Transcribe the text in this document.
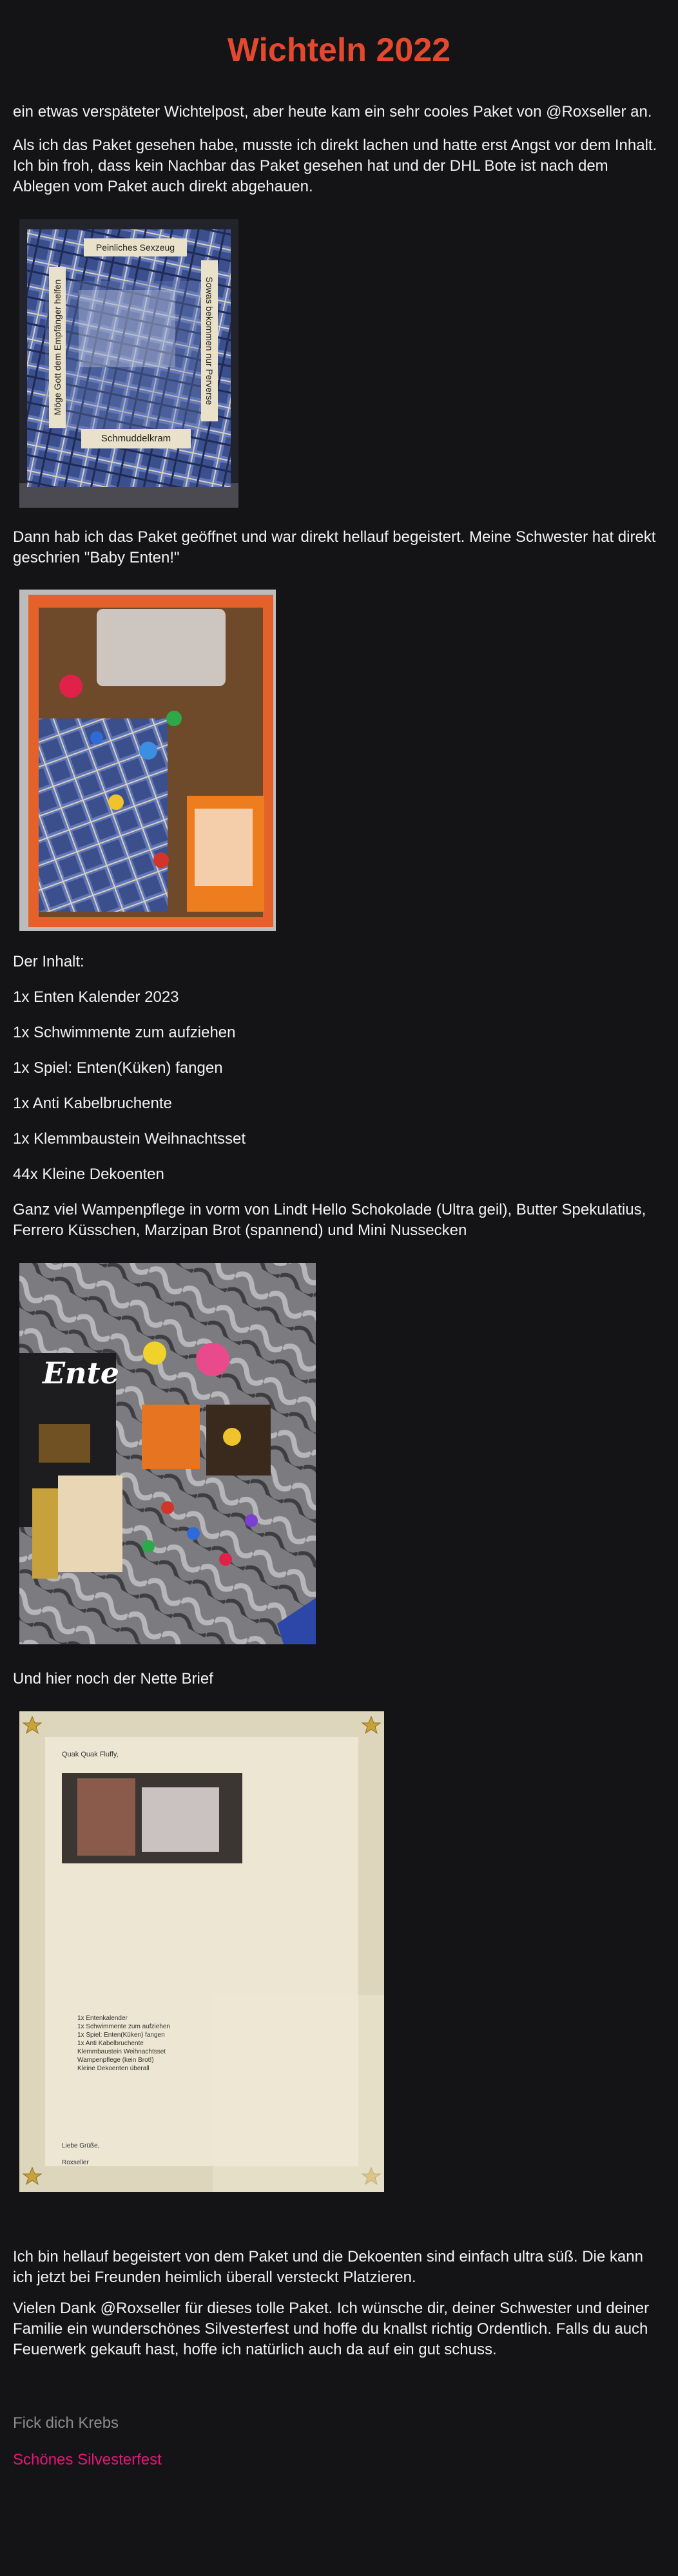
Wichteln 2022

ein etwas verspäteter Wichtelpost, aber heute kam ein sehr cooles Paket von @Roxseller an.

Als ich das Paket gesehen habe, musste ich direkt lachen und hatte erst Angst vor dem Inhalt. Ich bin froh, dass kein Nachbar das Paket gesehen hat und der DHL Bote ist nach dem Ablegen vom Paket auch direkt abgehauen.

Peinliches Sexzeug
Schmuddelkram
Möge Gott dem Empfänger helfen	Sowas bekommen nur Perverse

Dann hab ich das Paket geöffnet und war direkt hellauf begeistert. Meine Schwester hat direkt geschrien "Baby Enten!"

Der Inhalt:

1x Enten Kalender 2023

1x Schwimmente zum aufziehen

1x Spiel: Enten(Küken) fangen

1x Anti Kabelbruchente

1x Klemmbaustein Weihnachtsset

44x Kleine Dekoenten

Ganz viel Wampenpflege in vorm von Lindt Hello Schokolade (Ultra geil), Butter Spekulatius, Ferrero Küsschen, Marzipan Brot (spannend) und Mini Nussecken

Ente

Und hier noch der Nette Brief

Quak Quak Fluffy,
1x Entenkalender
1x Schwimmente zum aufziehen
1x Spiel: Enten(Küken) fangen
1x Anti Kabelbruchente
Klemmbaustein Weihnachtsset
Wampenpflege (kein Brot!)
Kleine Dekoenten überall
Liebe Grüße,
Roxseller

Ich bin hellauf begeistert von dem Paket und die Dekoenten sind einfach ultra süß. Die kann ich jetzt bei Freunden heimlich überall versteckt Platzieren.

Vielen Dank @Roxseller für dieses tolle Paket. Ich wünsche dir, deiner Schwester und deiner Familie ein wunderschönes Silvesterfest und hoffe du knallst richtig Ordentlich. Falls du auch Feuerwerk gekauft hast, hoffe ich natürlich auch da auf ein gut schuss.

Fick dich Krebs

Schönes Silvesterfest
